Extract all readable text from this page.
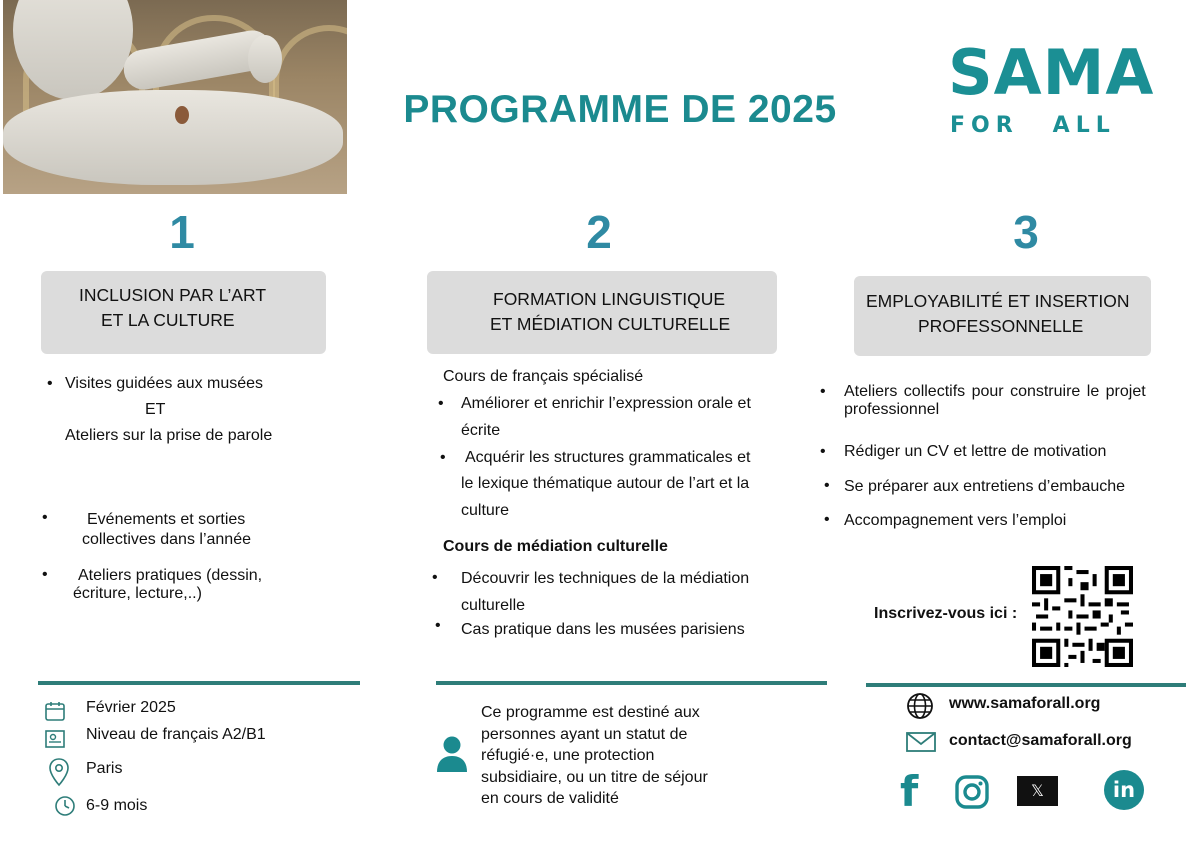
PROGRAMME DE 2025
SAMA
FOR ALL
1	2	3
INCLUSION PAR L’ART
ET LA CULTURE
FORMATION LINGUISTIQUE
ET MÉDIATION CULTURELLE
EMPLOYABILITÉ ET INSERTION
PROFESSONNELLE
• Visites guidées aux musées
ET
Ateliers sur la prise de parole
• Evénements et sorties
collectives dans l’année
• Ateliers pratiques (dessin,
écriture, lecture,..)
Cours de français spécialisé
• Améliorer et enrichir l’expression orale et
écrite
• Acquérir les structures grammaticales et
le lexique thématique autour de l’art et la
culture
Cours de médiation culturelle
• Découvrir les techniques de la médiation
culturelle
• Cas pratique dans les musées parisiens
• Ateliers collectifs pour construire le projet
professionnel
• Rédiger un CV et lettre de motivation
• Se préparer aux entretiens d’embauche
• Accompagnement vers l’emploi
Inscrivez-vous ici :
Février 2025
Niveau de français A2/B1
Paris
6-9 mois
Ce programme est destiné aux
personnes ayant un statut de
réfugié·e, une protection
subsidiaire, ou un titre de séjour
en cours de validité
www.samaforall.org
contact@samaforall.org
f	𝕏	in
